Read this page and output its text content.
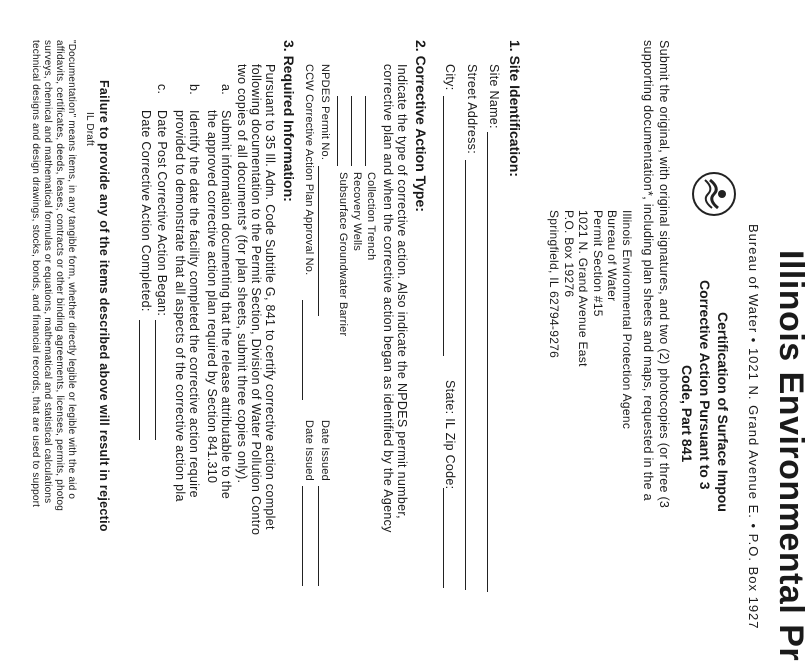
Illinois Environmental Pr
Bureau of Water • 1021 N. Grand Avenue E. • P.O. Box 1927
Certification of Surface Impou
Corrective Action Pursuant to 3
Code, Part 841
Submit the original, with original signatures, and two (2) photocopies (or three (3
supporting documentation*, including plan sheets and maps, requested in the a
Illinois Environmental Protection Agenc
Bureau of Water
Permit Section #15
1021 N. Grand Avenue East
P.O. Box 19276
Springfield, IL 62794-9276
1. Site Identification:
Site Name:
Street Address:
City:
State: IL Zip Code:
2. Corrective Action Type:
Indicate the type of corrective action. Also indicate the NPDES permit number,
corrective plan and when the corrective action began as identified by the Agency
Collection Trench
Recovery Wells
Subsurface Groundwater Barrier
NPDES Permit No.
Date Issued
CCW Corrective Action Plan Approval No.
Date Issued
3. Required Information:
Pursuant to 35 Ill. Adm. Code Subtitle G, 841 to certify corrective action complet
following documentation to the Permit Section, Division of Water Pollution Contro
two copies of all documents* (for plan sheets, submit three copies only).
a.
Submit information documenting that the release attributable to the
the approved corrective action plan required by Section 841.310
b.
Identify the date the facility completed the corrective action require
provided to demonstrate that all aspects of the corrective action pla
c.
Date Post Corrective Action Began:
Date Corrective Action Completed:
Failure to provide any of the items described above will result in rejectio
IL Draft
"Documentation" means items, in any tangible form, whether directly legible or legible with the aid o
affidavits, certificates, deeds, leases, contracts or other binding agreements, licenses, permits, photog
surveys, chemical and mathematical formulas or equations, mathematical and statistical calculations
technical designs and design drawings, stocks, bonds, and financial records, that are used to support
